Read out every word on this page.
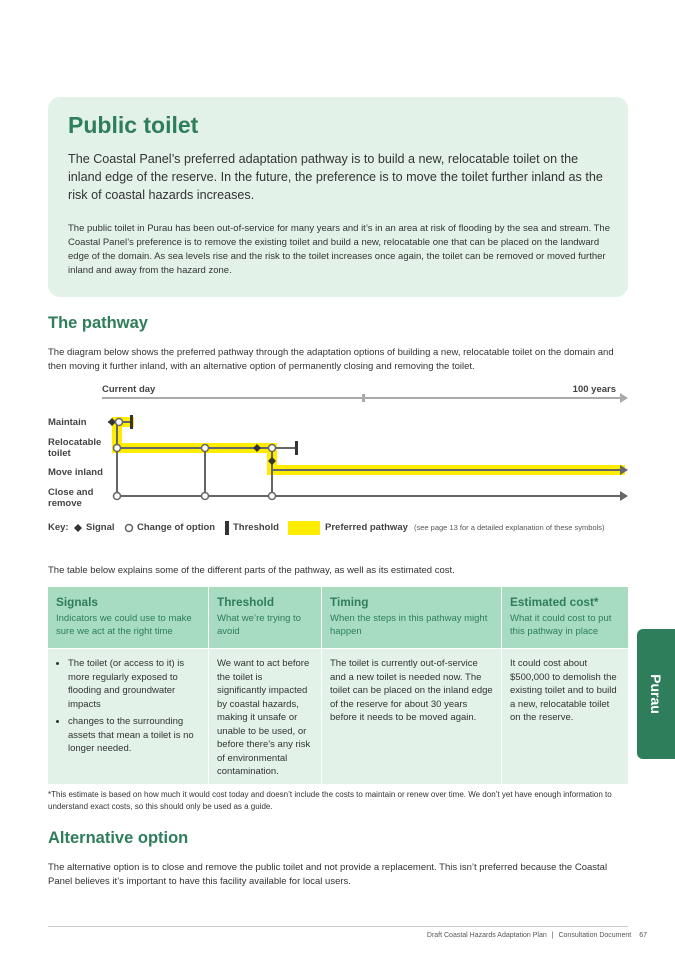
Public toilet

The Coastal Panel’s preferred adaptation pathway is to build a new, relocatable toilet on the inland edge of the reserve. In the future, the preference is to move the toilet further inland as the risk of coastal hazards increases.

The public toilet in Purau has been out-of-service for many years and it’s in an area at risk of flooding by the sea and stream. The Coastal Panel’s preference is to remove the existing toilet and build a new, relocatable one that can be placed on the landward edge of the domain. As sea levels rise and the risk to the toilet increases once again, the toilet can be removed or moved further inland and away from the hazard zone.

The pathway

The diagram below shows the preferred pathway through the adaptation options of building a new, relocatable toilet on the domain and then moving it further inland, with an alternative option of permanently closing and removing the toilet.

Current day	100 years
Maintain
Relocatable toilet
Move inland
Close and remove
Key: Signal Change of option Threshold	Preferred pathway (see page 13 for a detailed explanation of these symbols)

The table below explains some of the different parts of the pathway, as well as its estimated cost.

Signals
Indicators we could use to make sure we act at the right time
Threshold
What we’re trying to avoid
Timing
When the steps in this pathway might happen
Estimated cost*
What it could cost to put this pathway in place
• The toilet (or access to it) is more regularly exposed to flooding and groundwater impacts
• changes to the surrounding assets that mean a toilet is no longer needed.
We want to act before the toilet is significantly impacted by coastal hazards, making it unsafe or unable to be used, or before there’s any risk of environmental contamination.
The toilet is currently out-of-service and a new toilet is needed now. The toilet can be placed on the inland edge of the reserve for about 30 years before it needs to be moved again.
It could cost about $500,000 to demolish the existing toilet and to build a new, relocatable toilet on the reserve.

*This estimate is based on how much it would cost today and doesn’t include the costs to maintain or renew over time. We don’t yet have enough information to understand exact costs, so this should only be used as a guide.

Alternative option

The alternative option is to close and remove the public toilet and not provide a replacement. This isn’t preferred because the Coastal Panel believes it’s important to have this facility available for local users.

Draft Coastal Hazards Adaptation Plan | Consultation Document 67
Purau
